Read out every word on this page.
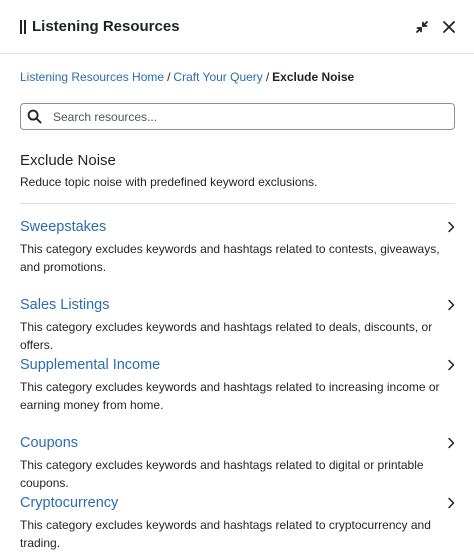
Listening Resources
Listening Resources Home / Craft Your Query / Exclude Noise
Search resources...
Exclude Noise
Reduce topic noise with predefined keyword exclusions.
Sweepstakes
This category excludes keywords and hashtags related to contests, giveaways, and promotions.
Sales Listings
This category excludes keywords and hashtags related to deals, discounts, or offers.
Supplemental Income
This category excludes keywords and hashtags related to increasing income or earning money from home.
Coupons
This category excludes keywords and hashtags related to digital or printable coupons.
Cryptocurrency
This category excludes keywords and hashtags related to cryptocurrency and trading.
